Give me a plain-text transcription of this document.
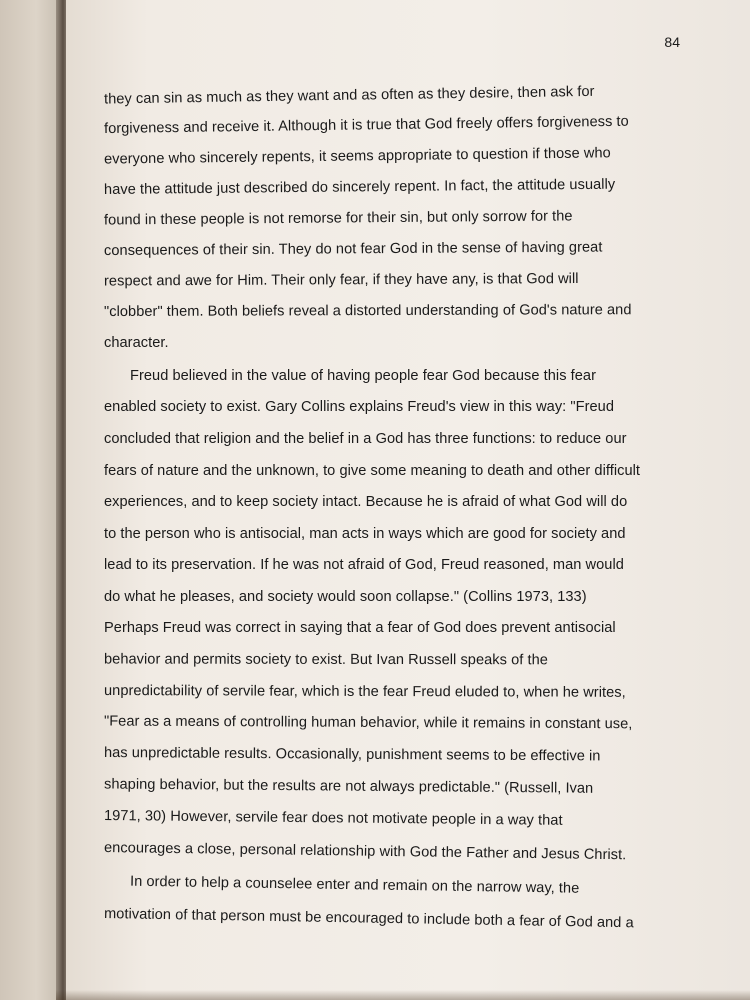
84
they can sin as much as they want and as often as they desire, then ask for
forgiveness and receive it. Although it is true that God freely offers forgiveness to
everyone who sincerely repents, it seems appropriate to question if those who
have the attitude just described do sincerely repent. In fact, the attitude usually
found in these people is not remorse for their sin, but only sorrow for the
consequences of their sin. They do not fear God in the sense of having great
respect and awe for Him. Their only fear, if they have any, is that God will
"clobber" them. Both beliefs reveal a distorted understanding of God's nature and
character.
Freud believed in the value of having people fear God because this fear
enabled society to exist. Gary Collins explains Freud's view in this way: "Freud
concluded that religion and the belief in a God has three functions: to reduce our
fears of nature and the unknown, to give some meaning to death and other difficult
experiences, and to keep society intact. Because he is afraid of what God will do
to the person who is antisocial, man acts in ways which are good for society and
lead to its preservation. If he was not afraid of God, Freud reasoned, man would
do what he pleases, and society would soon collapse." (Collins 1973, 133)
Perhaps Freud was correct in saying that a fear of God does prevent antisocial
behavior and permits society to exist. But Ivan Russell speaks of the
unpredictability of servile fear, which is the fear Freud eluded to, when he writes,
"Fear as a means of controlling human behavior, while it remains in constant use,
has unpredictable results. Occasionally, punishment seems to be effective in
shaping behavior, but the results are not always predictable." (Russell, Ivan
1971, 30) However, servile fear does not motivate people in a way that
encourages a close, personal relationship with God the Father and Jesus Christ.
In order to help a counselee enter and remain on the narrow way, the
motivation of that person must be encouraged to include both a fear of God and a
